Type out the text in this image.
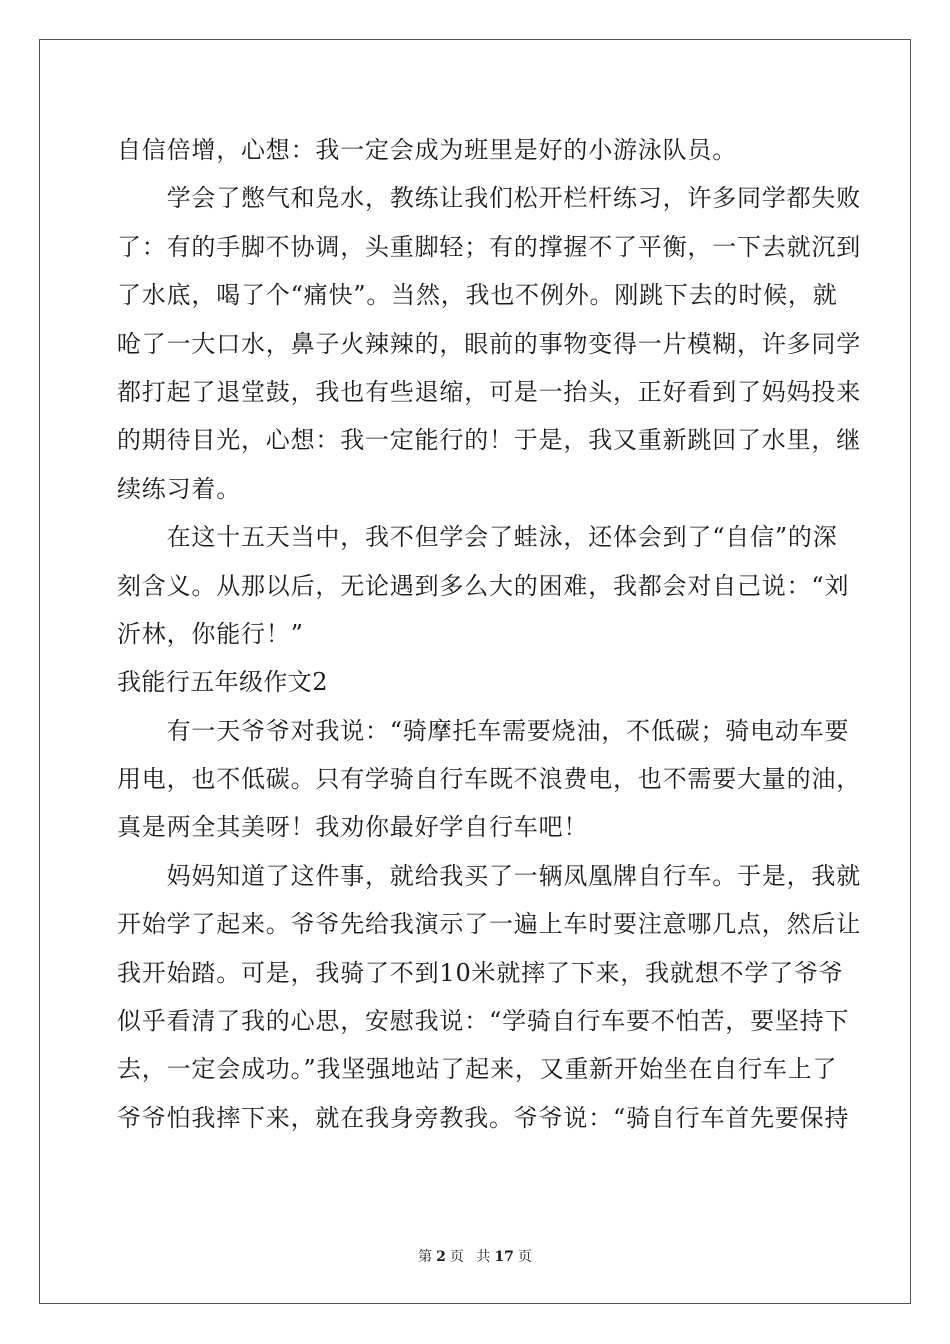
自信倍增，心想：我一定会成为班里是好的小游泳队员。
　　学会了憋气和凫水，教练让我们松开栏杆练习，许多同学都失败
了：有的手脚不协调，头重脚轻；有的撑握不了平衡，一下去就沉到
了水底，喝了个“痛快”。当然，我也不例外。刚跳下去的时候，就
呛了一大口水，鼻子火辣辣的，眼前的事物变得一片模糊，许多同学
都打起了退堂鼓，我也有些退缩，可是一抬头，正好看到了妈妈投来
的期待目光，心想：我一定能行的！于是，我又重新跳回了水里，继
续练习着。
　　在这十五天当中，我不但学会了蛙泳，还体会到了“自信”的深
刻含义。从那以后，无论遇到多么大的困难，我都会对自己说：“刘
沂林，你能行！”
我能行五年级作文2
　　有一天爷爷对我说：“骑摩托车需要烧油，不低碳；骑电动车要
用电，也不低碳。只有学骑自行车既不浪费电，也不需要大量的油，
真是两全其美呀！我劝你最好学自行车吧！
　　妈妈知道了这件事，就给我买了一辆凤凰牌自行车。于是，我就
开始学了起来。爷爷先给我演示了一遍上车时要注意哪几点，然后让
我开始踏。可是，我骑了不到10米就摔了下来，我就想不学了爷爷
似乎看清了我的心思，安慰我说：“学骑自行车要不怕苦，要坚持下
去，一定会成功。”我坚强地站了起来，又重新开始坐在自行车上了
爷爷怕我摔下来，就在我身旁教我。爷爷说：“骑自行车首先要保持
第 2 页 共 17 页
